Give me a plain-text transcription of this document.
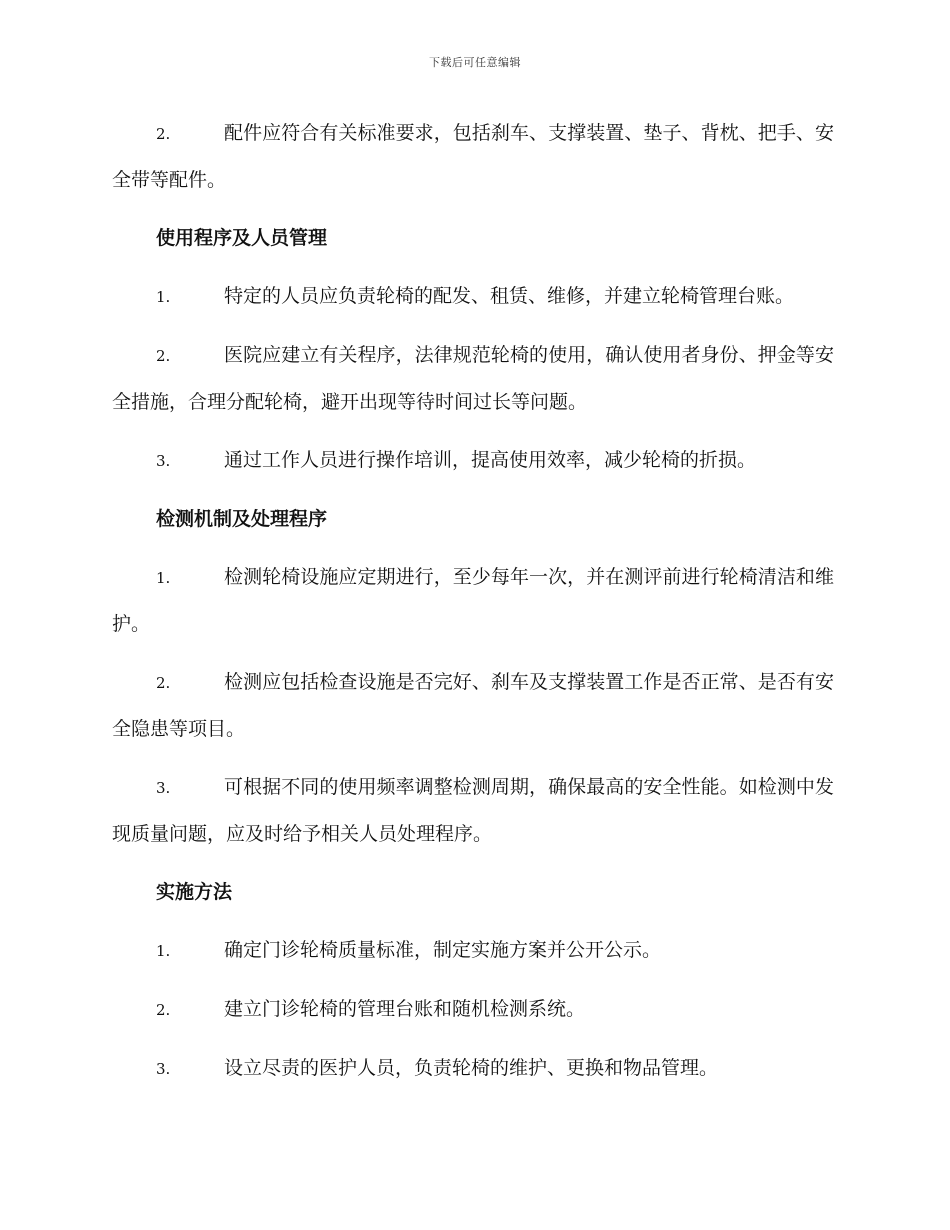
下载后可任意编辑

2.	配件应符合有关标准要求，包括刹车、支撑装置、垫子、背枕、把手、安全带等配件。

使用程序及人员管理

1.	特定的人员应负责轮椅的配发、租赁、维修，并建立轮椅管理台账。

2.	医院应建立有关程序，法律规范轮椅的使用，确认使用者身份、押金等安全措施，合理分配轮椅，避开出现等待时间过长等问题。

3.	通过工作人员进行操作培训，提高使用效率，减少轮椅的折损。

检测机制及处理程序

1.	检测轮椅设施应定期进行，至少每年一次，并在测评前进行轮椅清洁和维护。

2.	检测应包括检查设施是否完好、刹车及支撑装置工作是否正常、是否有安全隐患等项目。

3.	可根据不同的使用频率调整检测周期，确保最高的安全性能。如检测中发现质量问题，应及时给予相关人员处理程序。

实施方法

1.	确定门诊轮椅质量标准，制定实施方案并公开公示。

2.	建立门诊轮椅的管理台账和随机检测系统。

3.	设立尽责的医护人员，负责轮椅的维护、更换和物品管理。
